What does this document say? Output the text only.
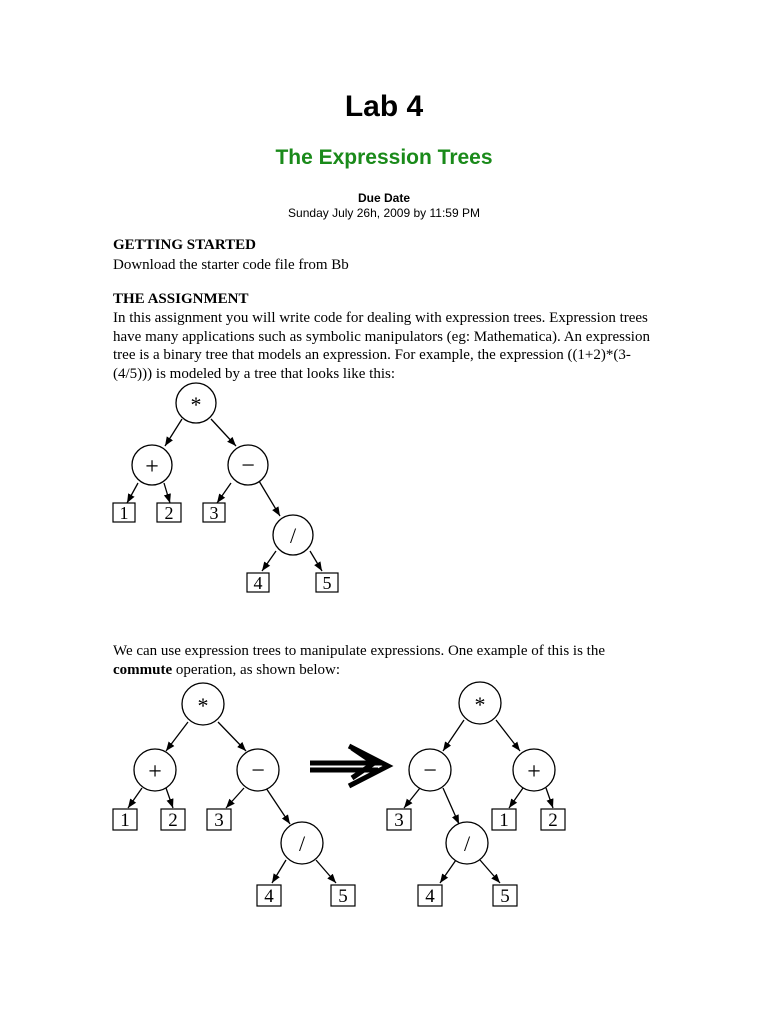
Lab 4
The Expression Trees
Due Date
Sunday July 26h, 2009 by 11:59 PM
GETTING STARTED
Download the starter code file from Bb
THE ASSIGNMENT
In this assignment you will write code for dealing with expression trees. Expression trees
have many applications such as symbolic manipulators (eg: Mathematica). An expression
tree is a binary tree that models an expression. For example, the expression ((1+2)*(3-
(4/5))) is modeled by a tree that looks like this:
*
+	−
/
1 2 3
4	5
*
+	−
/
1 2 3
4	5
*
−	+
/
3	1 2
4	5
We can use expression trees to manipulate expressions. One example of this is the
commute operation, as shown below:
